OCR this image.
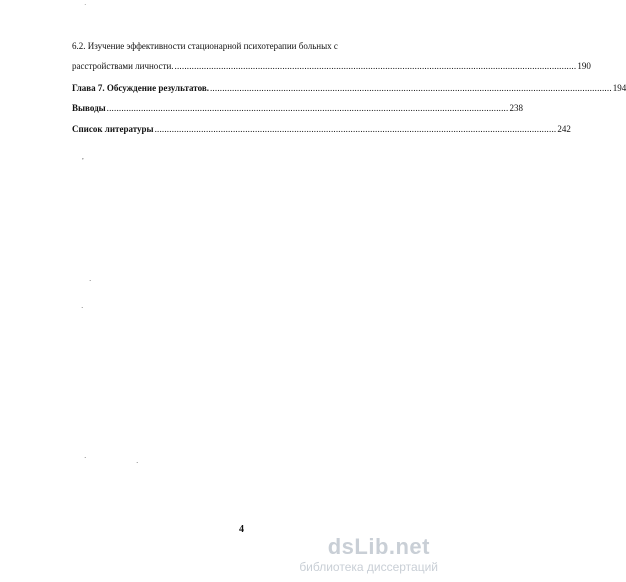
˙
,
ˊ
·
·
·
6.2. Изучение эффективности стационарной психотерапии больных с
расстройствами личности. .................................................................................................................................................................... 190
Глава 7. Обсуждение результатов. .................................................................................................................................................................... 194
Выводы .................................................................................................................................................................... 238
Список литературы .................................................................................................................................................................... 242
4
dsLib.net
библиотека диссертаций
